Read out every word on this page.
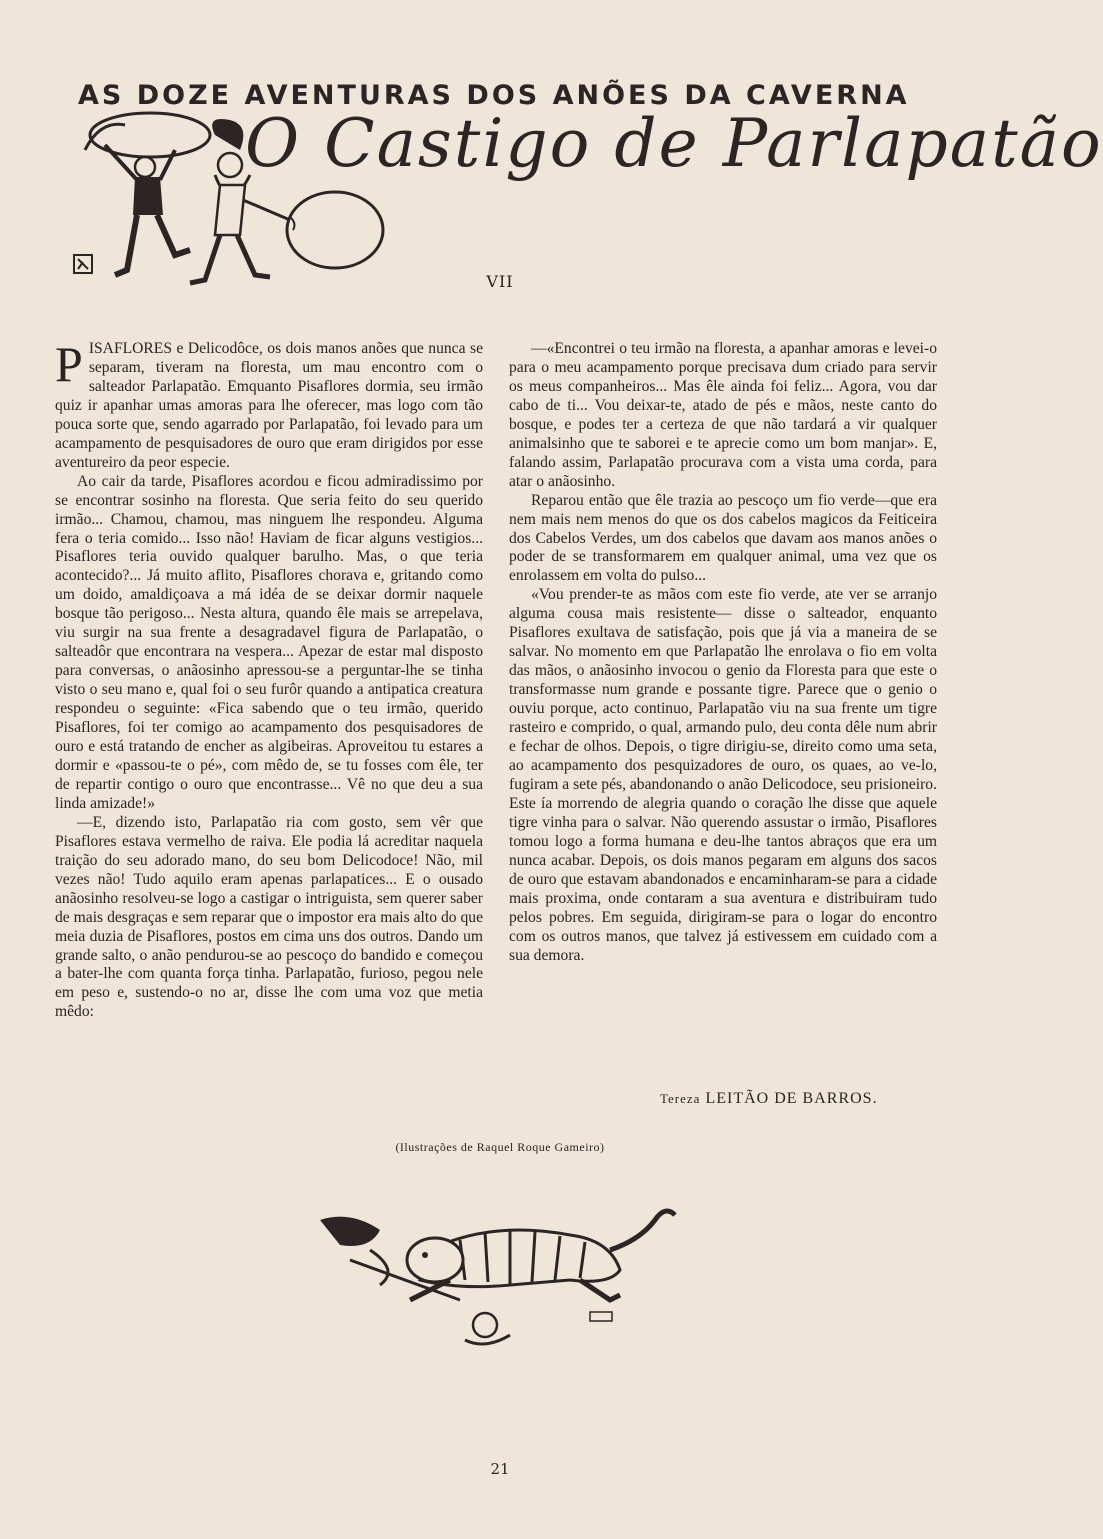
AS DOZE AVENTURAS DOS ANÕES DA CAVERNA
O Castigo de Parlapatão
VII

PISAFLORES e Delicodôce, os dois manos anões que nunca se separam, tiveram na floresta, um mau encontro com o salteador Parlapatão. Emquanto Pisaflores dormia, seu irmão quiz ir apanhar umas amoras para lhe oferecer, mas logo com tão pouca sorte que, sendo agarrado por Parlapatão, foi levado para um acampamento de pesquisadores de ouro que eram dirigidos por esse aventureiro da peor especie.

Ao cair da tarde, Pisaflores acordou e ficou admiradissimo por se encontrar sosinho na floresta. Que seria feito do seu querido irmão... Chamou, chamou, mas ninguem lhe respondeu. Alguma fera o teria comido... Isso não! Haviam de ficar alguns vestigios... Pisaflores teria ouvido qualquer barulho. Mas, o que teria acontecido?... Já muito aflito, Pisaflores chorava e, gritando como um doido, amaldiçoava a má idéa de se deixar dormir naquele bosque tão perigoso... Nesta altura, quando êle mais se arrepelava, viu surgir na sua frente a desagradavel figura de Parlapatão, o salteadôr que encontrara na vespera... Apezar de estar mal disposto para conversas, o anãosinho apressou-se a perguntar-lhe se tinha visto o seu mano e, qual foi o seu furôr quando a antipatica creatura respondeu o seguinte: «Fica sabendo que o teu irmão, querido Pisaflores, foi ter comigo ao acampamento dos pesquisadores de ouro e está tratando de encher as algibeiras. Aproveitou tu estares a dormir e «passou-te o pé», com mêdo de, se tu fosses com êle, ter de repartir contigo o ouro que encontrasse... Vê no que deu a sua linda amizade!»

—E, dizendo isto, Parlapatão ria com gosto, sem vêr que Pisaflores estava vermelho de raiva. Ele podia lá acreditar naquela traição do seu adorado mano, do seu bom Delicodoce! Não, mil vezes não! Tudo aquilo eram apenas parlapatices... E o ousado anãosinho resolveu-se logo a castigar o intriguista, sem querer saber de mais desgraças e sem reparar que o impostor era mais alto do que meia duzia de Pisaflores, postos em cima uns dos outros. Dando um grande salto, o anão pendurou-se ao pescoço do bandido e começou a bater-lhe com quanta força tinha. Parlapatão, furioso, pegou nele em peso e, sustendo-o no ar, disse lhe com uma voz que metia mêdo:

—«Encontrei o teu irmão na floresta, a apanhar amoras e levei-o para o meu acampamento porque precisava dum criado para servir os meus companheiros... Mas êle ainda foi feliz... Agora, vou dar cabo de ti... Vou deixar-te, atado de pés e mãos, neste canto do bosque, e podes ter a certeza de que não tardará a vir qualquer animalsinho que te saborei e te aprecie como um bom manjar». E, falando assim, Parlapatão procurava com a vista uma corda, para atar o anãosinho.

Reparou então que êle trazia ao pescoço um fio verde—que era nem mais nem menos do que os dos cabelos magicos da Feiticeira dos Cabelos Verdes, um dos cabelos que davam aos manos anões o poder de se transformarem em qualquer animal, uma vez que os enrolassem em volta do pulso...

«Vou prender-te as mãos com este fio verde, ate ver se arranjo alguma cousa mais resistente— disse o salteador, enquanto Pisaflores exultava de satisfação, pois que já via a maneira de se salvar. No momento em que Parlapatão lhe enrolava o fio em volta das mãos, o anãosinho invocou o genio da Floresta para que este o transformasse num grande e possante tigre. Parece que o genio o ouviu porque, acto continuo, Parlapatão viu na sua frente um tigre rasteiro e comprido, o qual, armando pulo, deu conta dêle num abrir e fechar de olhos. Depois, o tigre dirigiu-se, direito como uma seta, ao acampamento dos pesquizadores de ouro, os quaes, ao ve-lo, fugiram a sete pés, abandonando o anão Delicodoce, seu prisioneiro. Este ía morrendo de alegria quando o coração lhe disse que aquele tigre vinha para o salvar. Não querendo assustar o irmão, Pisaflores tomou logo a forma humana e deu-lhe tantos abraços que era um nunca acabar. Depois, os dois manos pegaram em alguns dos sacos de ouro que estavam abandonados e encaminharam-se para a cidade mais proxima, onde contaram a sua aventura e distribuiram tudo pelos pobres. Em seguida, dirigiram-se para o logar do encontro com os outros manos, que talvez já estivessem em cuidado com a sua demora.

Tereza LEITÃO DE BARROS.
(Ilustrações de Raquel Roque Gameiro)
21
